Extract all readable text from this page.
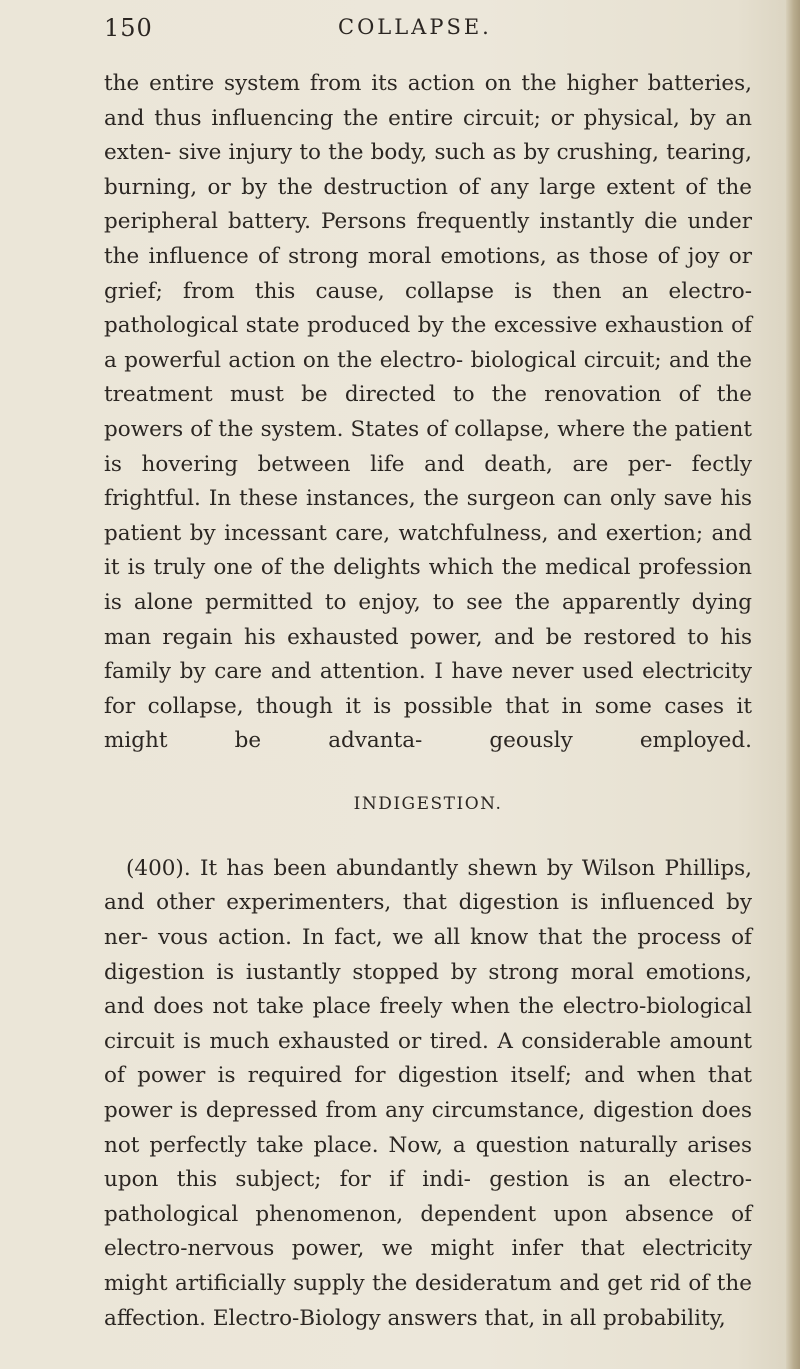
150	COLLAPSE.

the entire system from its action on the higher batteries, and thus influencing the entire circuit; or physical, by an exten- sive injury to the body, such as by crushing, tearing, burning, or by the destruction of any large extent of the peripheral battery. Persons frequently instantly die under the influence of strong moral emotions, as those of joy or grief; from this cause, collapse is then an electro-pathological state produced by the excessive exhaustion of a powerful action on the electro- biological circuit; and the treatment must be directed to the renovation of the powers of the system. States of collapse, where the patient is hovering between life and death, are per- fectly frightful. In these instances, the surgeon can only save his patient by incessant care, watchfulness, and exertion; and it is truly one of the delights which the medical profession is alone permitted to enjoy, to see the apparently dying man regain his exhausted power, and be restored to his family by care and attention. I have never used electricity for collapse, though it is possible that in some cases it might be advanta- geously employed.

INDIGESTION.

(400). It has been abundantly shewn by Wilson Phillips, and other experimenters, that digestion is influenced by ner- vous action. In fact, we all know that the process of digestion is iustantly stopped by strong moral emotions, and does not take place freely when the electro-biological circuit is much exhausted or tired. A considerable amount of power is required for digestion itself; and when that power is depressed from any circumstance, digestion does not perfectly take place. Now, a question naturally arises upon this subject; for if indi- gestion is an electro-pathological phenomenon, dependent upon absence of electro-nervous power, we might infer that electricity might artificially supply the desideratum and get rid of the affection. Electro-Biology answers that, in all probability,
